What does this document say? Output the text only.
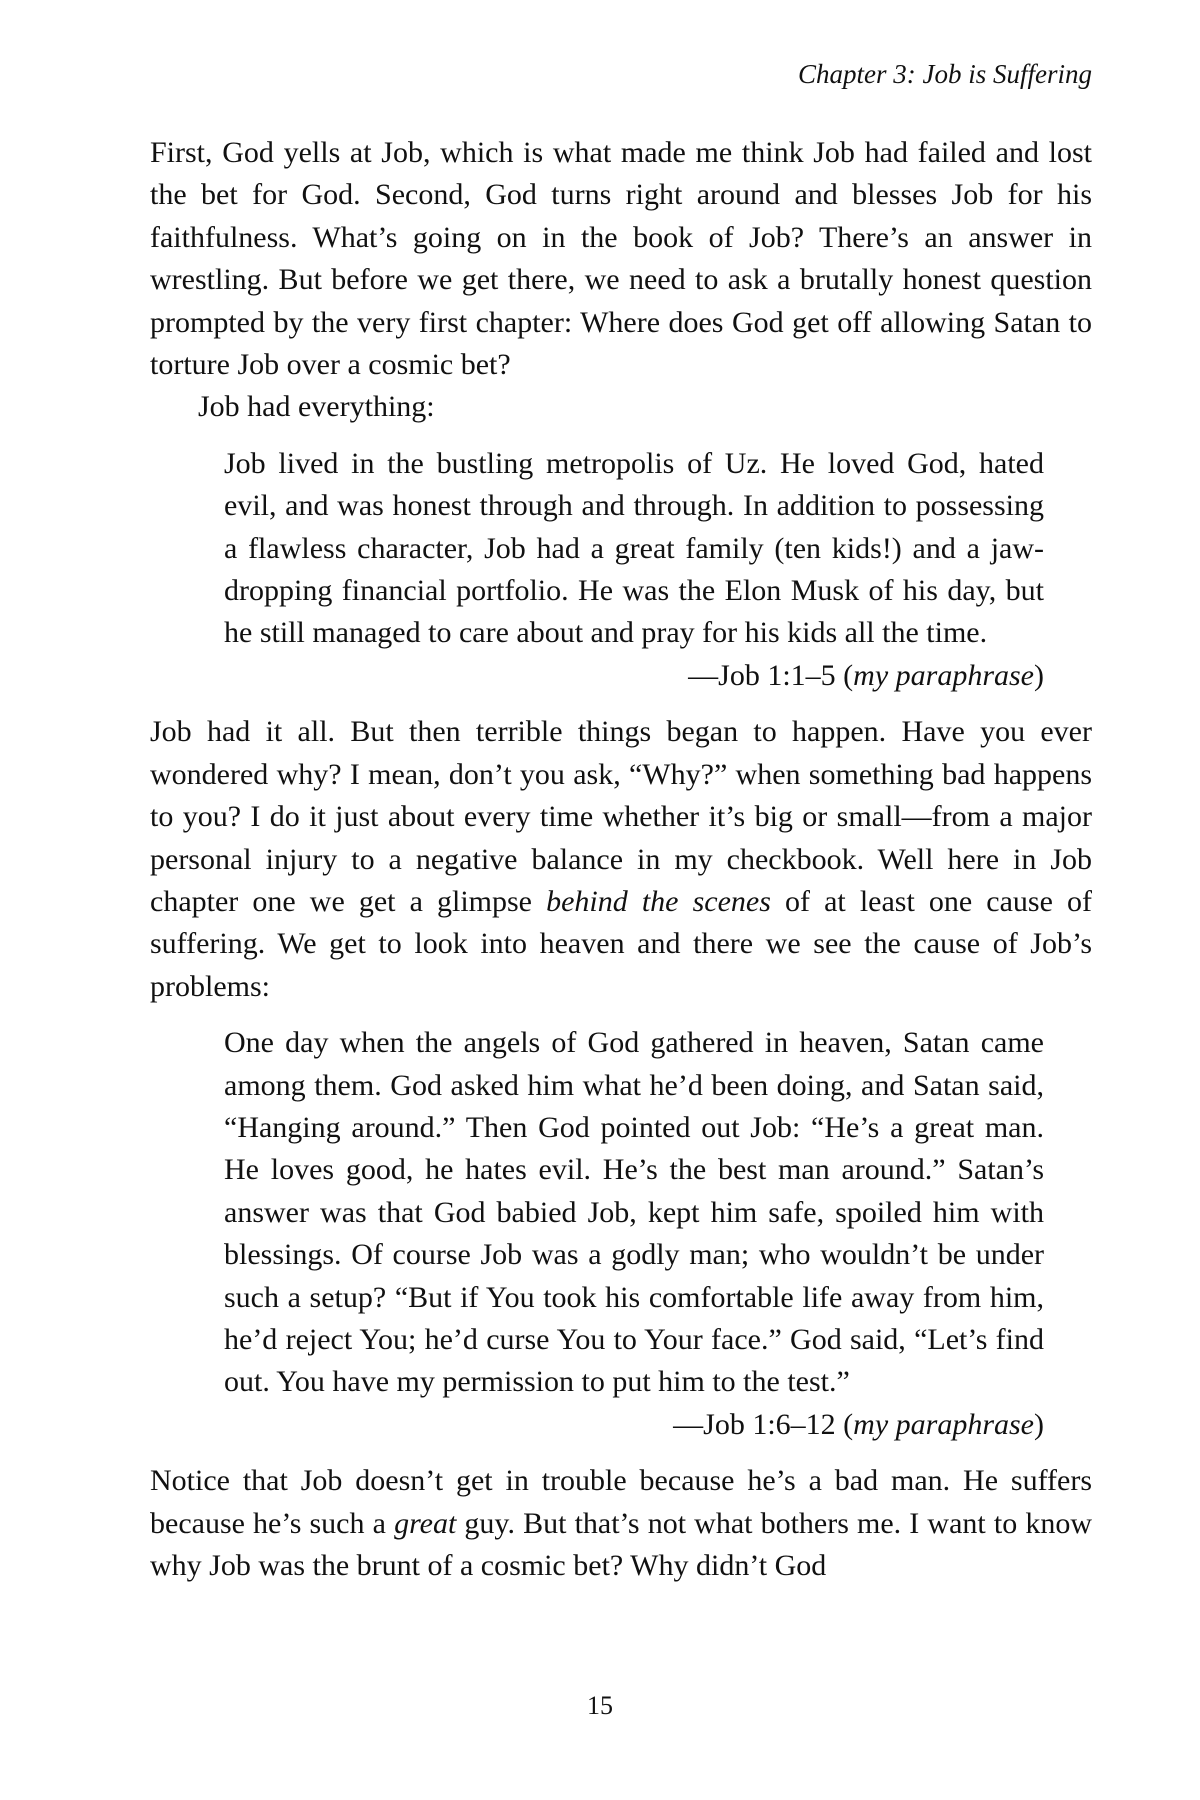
Chapter 3: Job is Suffering

First, God yells at Job, which is what made me think Job had failed and lost the bet for God. Second, God turns right around and blesses Job for his faithfulness. What’s going on in the book of Job? There’s an answer in wrestling. But before we get there, we need to ask a brutally honest question prompted by the very first chapter: Where does God get off allowing Satan to torture Job over a cosmic bet?

Job had everything:

Job lived in the bustling metropolis of Uz. He loved God, hated evil, and was honest through and through. In addition to possessing a flawless character, Job had a great family (ten kids!) and a jaw-dropping financial portfolio. He was the Elon Musk of his day, but he still managed to care about and pray for his kids all the time.

—Job 1:1–5 (my paraphrase)

Job had it all. But then terrible things began to happen. Have you ever wondered why? I mean, don’t you ask, “Why?” when something bad happens to you? I do it just about every time whether it’s big or small—from a major personal injury to a negative balance in my checkbook. Well here in Job chapter one we get a glimpse behind the scenes of at least one cause of suffering. We get to look into heaven and there we see the cause of Job’s problems:

One day when the angels of God gathered in heaven, Satan came among them. God asked him what he’d been doing, and Satan said, “Hanging around.” Then God pointed out Job: “He’s a great man. He loves good, he hates evil. He’s the best man around.” Satan’s answer was that God babied Job, kept him safe, spoiled him with blessings. Of course Job was a godly man; who wouldn’t be under such a setup? “But if You took his comfortable life away from him, he’d reject You; he’d curse You to Your face.” God said, “Let’s find out. You have my permission to put him to the test.”

—Job 1:6–12 (my paraphrase)

Notice that Job doesn’t get in trouble because he’s a bad man. He suffers because he’s such a great guy. But that’s not what bothers me. I want to know why Job was the brunt of a cosmic bet? Why didn’t God

15
